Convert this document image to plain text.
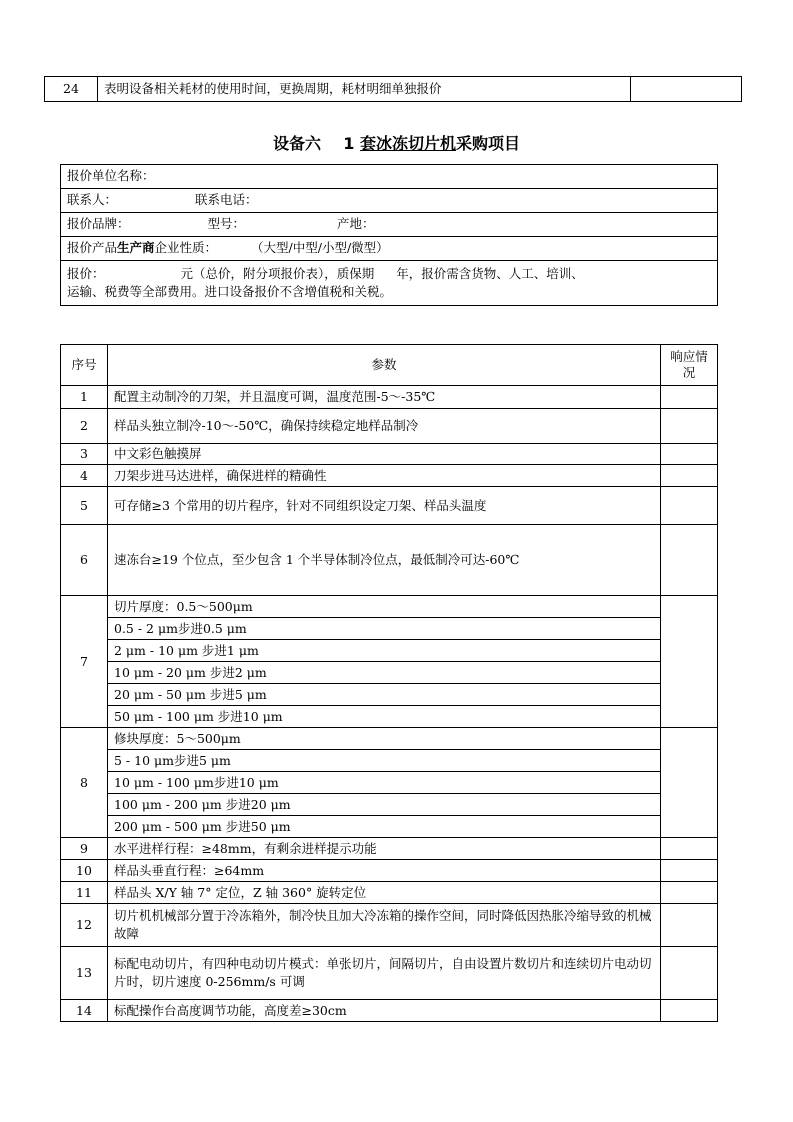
24	表明设备相关耗材的使用时间，更换周期，耗材明细单独报价	
设备六 1 套冰冻切片机采购项目
报价单位名称：
联系人：	联系电话：
报价品牌：	型号：	产地：
报价产品生产商企业性质：	（大型/中型/小型/微型）
报价：	元（总价，附分项报价表），质保期 年，报价需含货物、人工、培训、
运输、税费等全部费用。进口设备报价不含增值税和关税。
序号	参数	响应情
况
1	配置主动制冷的刀架，并且温度可调，温度范围-5～-35℃	
2	样品头独立制冷-10～-50℃，确保持续稳定地样品制冷	
3	中文彩色触摸屏	
4	刀架步进马达进样，确保进样的精确性	
5	可存储≥3 个常用的切片程序，针对不同组织设定刀架、样品头温度	
6	速冻台≥19 个位点，至少包含 1 个半导体制冷位点，最低制冷可达-60℃	
7	切片厚度：0.5～500μm	
	0.5 - 2 μm步进0.5 μm	
	2 μm - 10 μm 步进1 μm	
	10 μm - 20 μm 步进2 μm	
	20 μm - 50 μm 步进5 μm	
	50 μm - 100 μm 步进10 μm	
8	修块厚度：5～500μm	
	5 - 10 μm步进5 μm	
	10 μm - 100 μm步进10 μm	
	100 μm - 200 μm 步进20 μm	
	200 μm - 500 μm 步进50 μm	
9	水平进样行程：≥48mm，有剩余进样提示功能	
10	样品头垂直行程：≥64mm	
11	样品头 X/Y 轴 7° 定位，Z 轴 360° 旋转定位	
12	切片机机械部分置于冷冻箱外，制冷快且加大冷冻箱的操作空间，同时降低因热胀冷缩导致的机械故障	
13	标配电动切片，有四种电动切片模式：单张切片，间隔切片，自由设置片数切片和连续切片电动切片时，切片速度 0-256mm/s 可调	
14	标配操作台高度调节功能，高度差≥30cm	
